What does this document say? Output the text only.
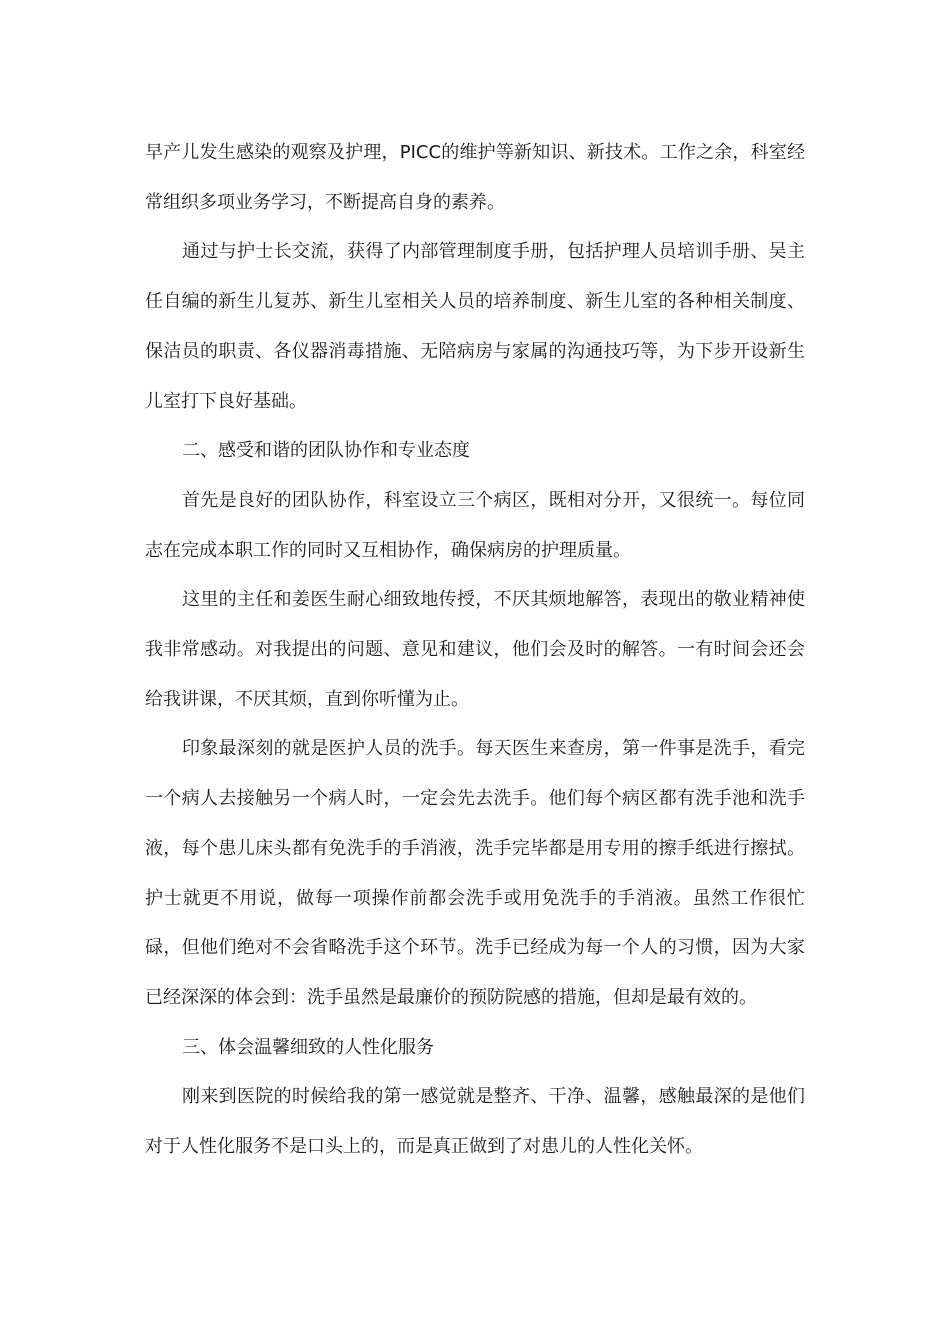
早产儿发生感染的观察及护理，PICC的维护等新知识、新技术。工作之余，科室经常组织多项业务学习，不断提高自身的素养。

通过与护士长交流，获得了内部管理制度手册，包括护理人员培训手册、吴主任自编的新生儿复苏、新生儿室相关人员的培养制度、新生儿室的各种相关制度、保洁员的职责、各仪器消毒措施、无陪病房与家属的沟通技巧等，为下步开设新生儿室打下良好基础。

二、感受和谐的团队协作和专业态度

首先是良好的团队协作，科室设立三个病区，既相对分开，又很统一。每位同志在完成本职工作的同时又互相协作，确保病房的护理质量。

这里的主任和姜医生耐心细致地传授，不厌其烦地解答，表现出的敬业精神使我非常感动。对我提出的问题、意见和建议，他们会及时的解答。一有时间会还会给我讲课，不厌其烦，直到你听懂为止。

印象最深刻的就是医护人员的洗手。每天医生来查房，第一件事是洗手，看完一个病人去接触另一个病人时，一定会先去洗手。他们每个病区都有洗手池和洗手液，每个患儿床头都有免洗手的手消液，洗手完毕都是用专用的擦手纸进行擦拭。护士就更不用说，做每一项操作前都会洗手或用免洗手的手消液。虽然工作很忙碌，但他们绝对不会省略洗手这个环节。洗手已经成为每一个人的习惯，因为大家已经深深的体会到：洗手虽然是最廉价的预防院感的措施，但却是最有效的。

三、体会温馨细致的人性化服务

刚来到医院的时候给我的第一感觉就是整齐、干净、温馨，感触最深的是他们对于人性化服务不是口头上的，而是真正做到了对患儿的人性化关怀。
